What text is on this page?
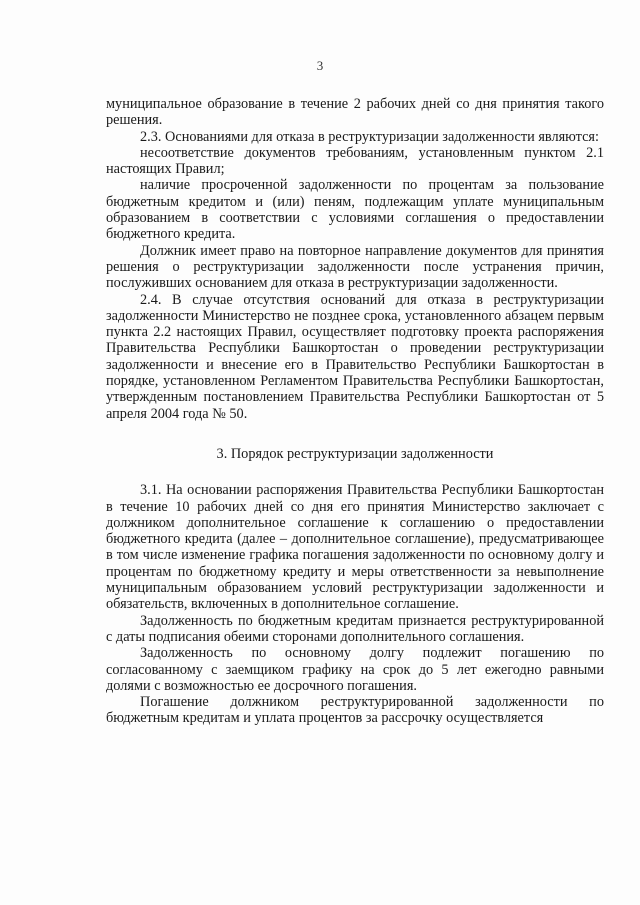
3

муниципальное образование в течение 2 рабочих дней со дня принятия такого решения.

2.3. Основаниями для отказа в реструктуризации задолженности являются:

несоответствие документов требованиям, установленным пунктом 2.1 настоящих Правил;

наличие просроченной задолженности по процентам за пользование бюджетным кредитом и (или) пеням, подлежащим уплате муниципальным образованием в соответствии с условиями соглашения о предоставлении бюджетного кредита.

Должник имеет право на повторное направление документов для принятия решения о реструктуризации задолженности после устранения причин, послуживших основанием для отказа в реструктуризации задолженности.

2.4. В случае отсутствия оснований для отказа в реструктуризации задолженности Министерство не позднее срока, установленного абзацем первым пункта 2.2 настоящих Правил, осуществляет подготовку проекта распоряжения Правительства Республики Башкортостан о проведении реструктуризации задолженности и внесение его в Правительство Республики Башкортостан в порядке, установленном Регламентом Правительства Республики Башкортостан, утвержденным постановлением Правительства Республики Башкортостан от 5 апреля 2004 года № 50.

3. Порядок реструктуризации задолженности

3.1. На основании распоряжения Правительства Республики Башкортостан в течение 10 рабочих дней со дня его принятия Министерство заключает с должником дополнительное соглашение к соглашению о предоставлении бюджетного кредита (далее – дополнительное соглашение), предусматривающее в том числе изменение графика погашения задолженности по основному долгу и процентам по бюджетному кредиту и меры ответственности за невыполнение муниципальным образованием условий реструктуризации задолженности и обязательств, включенных в дополнительное соглашение.

Задолженность по бюджетным кредитам признается реструктурированной с даты подписания обеими сторонами дополнительного соглашения.

Задолженность по основному долгу подлежит погашению по согласованному с заемщиком графику на срок до 5 лет ежегодно равными долями с возможностью ее досрочного погашения.

Погашение должником реструктурированной задолженности по бюджетным кредитам и уплата процентов за рассрочку осуществляется
